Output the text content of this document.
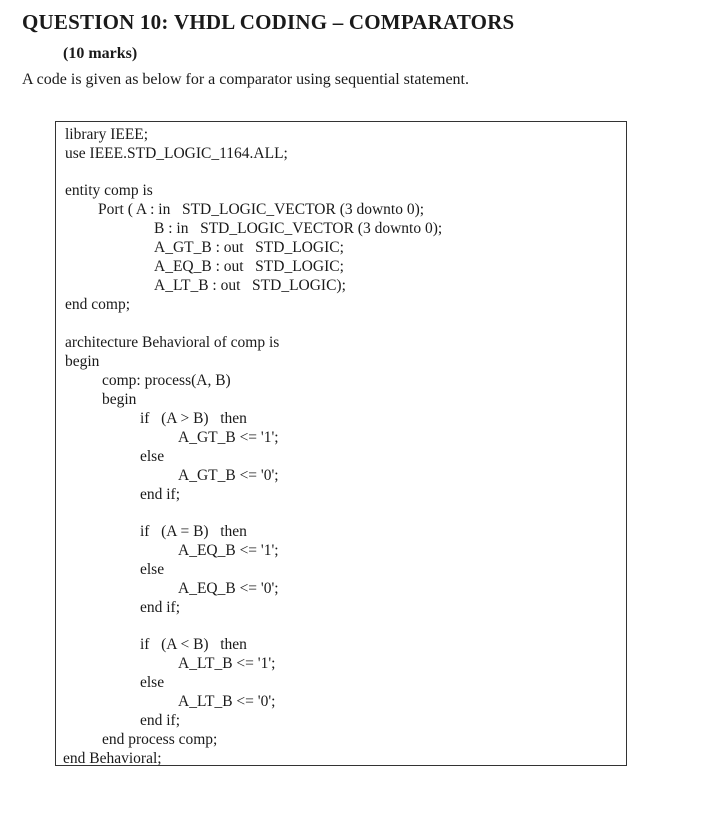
QUESTION 10: VHDL CODING – COMPARATORS
(10 marks)
A code is given as below for a comparator using sequential statement.
library IEEE;
use IEEE.STD_LOGIC_1164.ALL;
entity comp is
Port ( A : in   STD_LOGIC_VECTOR (3 downto 0);
B : in   STD_LOGIC_VECTOR (3 downto 0);
A_GT_B : out   STD_LOGIC;
A_EQ_B : out   STD_LOGIC;
A_LT_B : out   STD_LOGIC);
end comp;
architecture Behavioral of comp is
begin
comp: process(A, B)
begin
if   (A > B)   then
A_GT_B <= '1';
else
A_GT_B <= '0';
end if;
if   (A = B)   then
A_EQ_B <= '1';
else
A_EQ_B <= '0';
end if;
if   (A < B)   then
A_LT_B <= '1';
else
A_LT_B <= '0';
end if;
end process comp;
end Behavioral;
